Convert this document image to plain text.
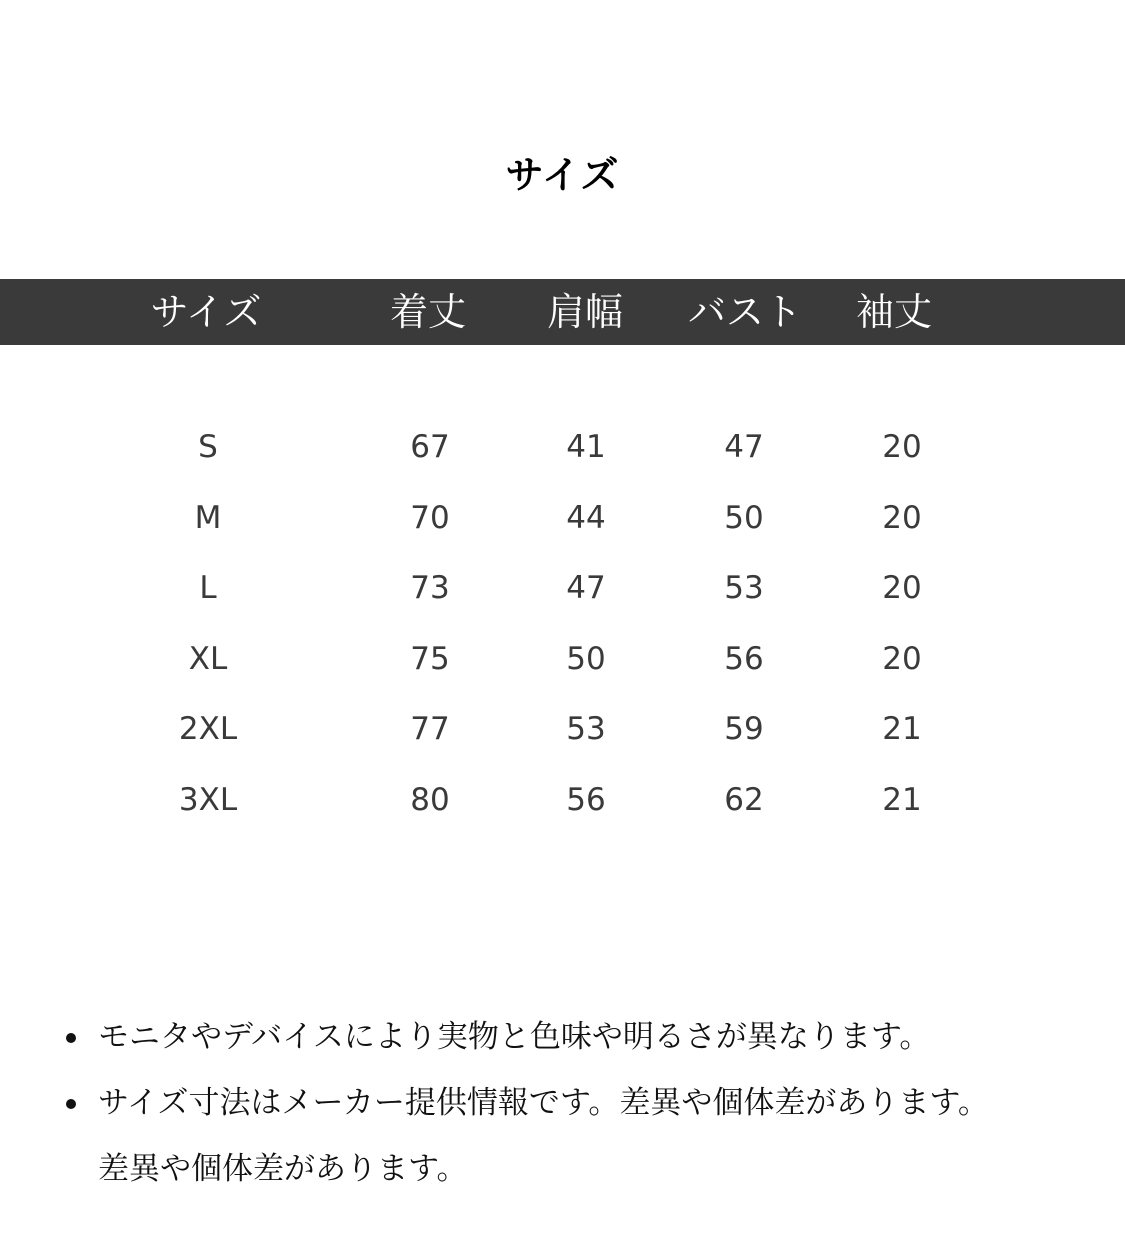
サイズ
サイズ	着丈	肩幅	バスト	袖丈
S	67	41	47	20
M	70	44	50	20
L	73	47	53	20
XL	75	50	56	20
2XL	77	53	59	21
3XL	80	56	62	21
モニタやデバイスにより実物と色味や明るさが異なります。
サイズ寸法はメーカー提供情報です。差異や個体差があります。
差異や個体差があります。
